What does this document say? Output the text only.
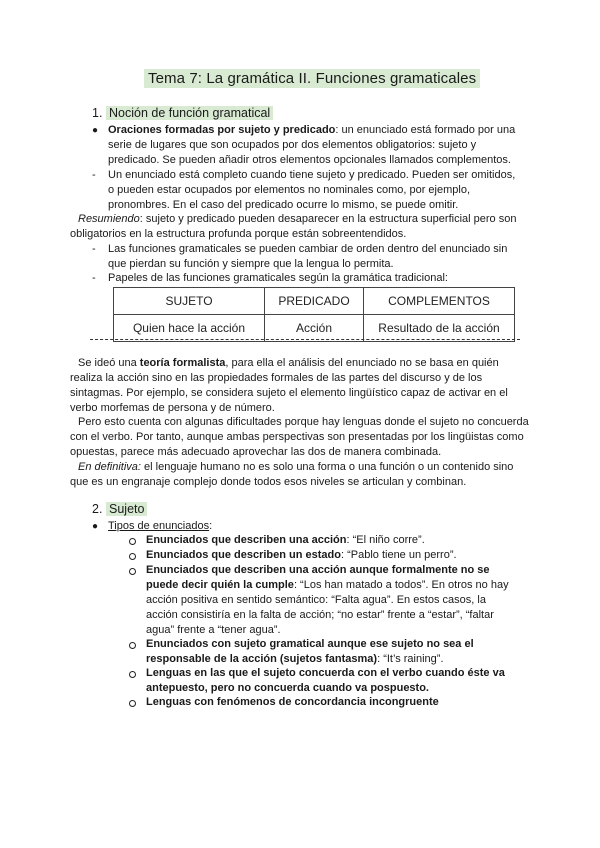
Tema 7: La gramática II. Funciones gramaticales
1. Noción de función gramatical
● Oraciones formadas por sujeto y predicado: un enunciado está formado por una serie de lugares que son ocupados por dos elementos obligatorios: sujeto y predicado. Se pueden añadir otros elementos opcionales llamados complementos.
- Un enunciado está completo cuando tiene sujeto y predicado. Pueden ser omitidos, o pueden estar ocupados por elementos no nominales como, por ejemplo, pronombres. En el caso del predicado ocurre lo mismo, se puede omitir.
Resumiendo: sujeto y predicado pueden desaparecer en la estructura superficial pero son obligatorios en la estructura profunda porque están sobreentendidos.
- Las funciones gramaticales se pueden cambiar de orden dentro del enunciado sin que pierdan su función y siempre que la lengua lo permita.
- Papeles de las funciones gramaticales según la gramática tradicional:
SUJETO	PREDICADO	COMPLEMENTOS
Quien hace la acción	Acción	Resultado de la acción
Se ideó una teoría formalista, para ella el análisis del enunciado no se basa en quién realiza la acción sino en las propiedades formales de las partes del discurso y de los sintagmas. Por ejemplo, se considera sujeto el elemento lingüístico capaz de activar en el verbo morfemas de persona y de número.
Pero esto cuenta con algunas dificultades porque hay lenguas donde el sujeto no concuerda con el verbo. Por tanto, aunque ambas perspectivas son presentadas por los lingüistas como opuestas, parece más adecuado aprovechar las dos de manera combinada.
En definitiva: el lenguaje humano no es solo una forma o una función o un contenido sino que es un engranaje complejo donde todos esos niveles se articulan y combinan.
2. Sujeto
● Tipos de enunciados:
Enunciados que describen una acción: “El niño corre”.
Enunciados que describen un estado: “Pablo tiene un perro”.
Enunciados que describen una acción aunque formalmente no se puede decir quién la cumple: “Los han matado a todos”. En otros no hay acción positiva en sentido semántico: “Falta agua”. En estos casos, la acción consistiría en la falta de acción; “no estar” frente a “estar”, “faltar agua” frente a “tener agua”.
Enunciados con sujeto gramatical aunque ese sujeto no sea el responsable de la acción (sujetos fantasma): “It’s raining”.
Lenguas en las que el sujeto concuerda con el verbo cuando éste va antepuesto, pero no concuerda cuando va pospuesto.
Lenguas con fenómenos de concordancia incongruente
